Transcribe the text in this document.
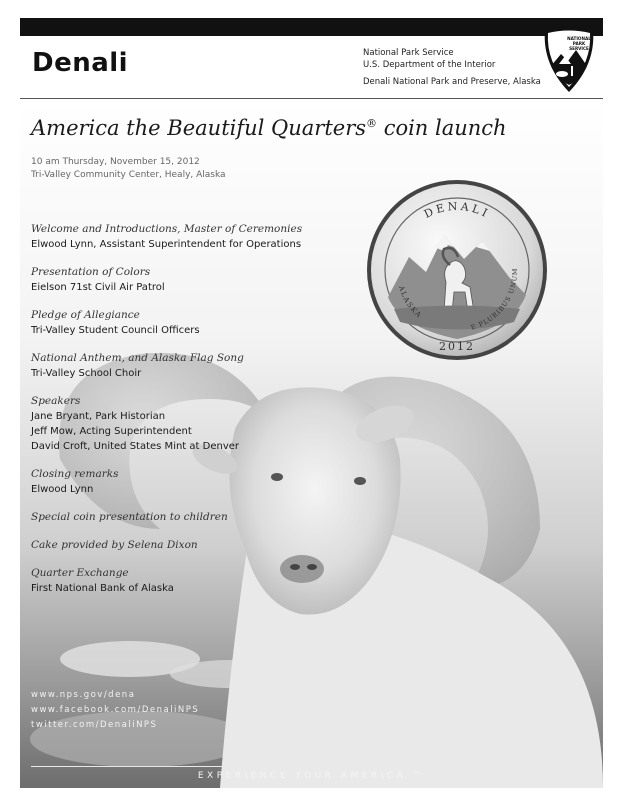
Denali	National Park Service
U.S. Department of the Interior
Denali National Park and Preserve, Alaska
NATIONAL
PARK
SERVICE
America the Beautiful Quarters® coin launch
10 am Thursday, November 15, 2012
Tri-Valley Community Center, Healy, Alaska
Welcome and Introductions, Master of Ceremonies
Elwood Lynn, Assistant Superintendent for Operations
Presentation of Colors
Eielson 71st Civil Air Patrol
Pledge of Allegiance
Tri-Valley Student Council Officers
National Anthem, and Alaska Flag Song
Tri-Valley School Choir
Speakers
Jane Bryant, Park Historian
Jeff Mow, Acting Superintendent
David Croft, United States Mint at Denver
Closing remarks
Elwood Lynn
Special coin presentation to children
Cake provided by Selena Dixon
Quarter Exchange
First National Bank of Alaska
DENALI
ALASKA
E PLURIBUS UNUM
2012
www.nps.gov/dena
www.facebook.com/DenaliNPS
twitter.com/DenaliNPS
EXPERIENCE YOUR AMERICA ™
